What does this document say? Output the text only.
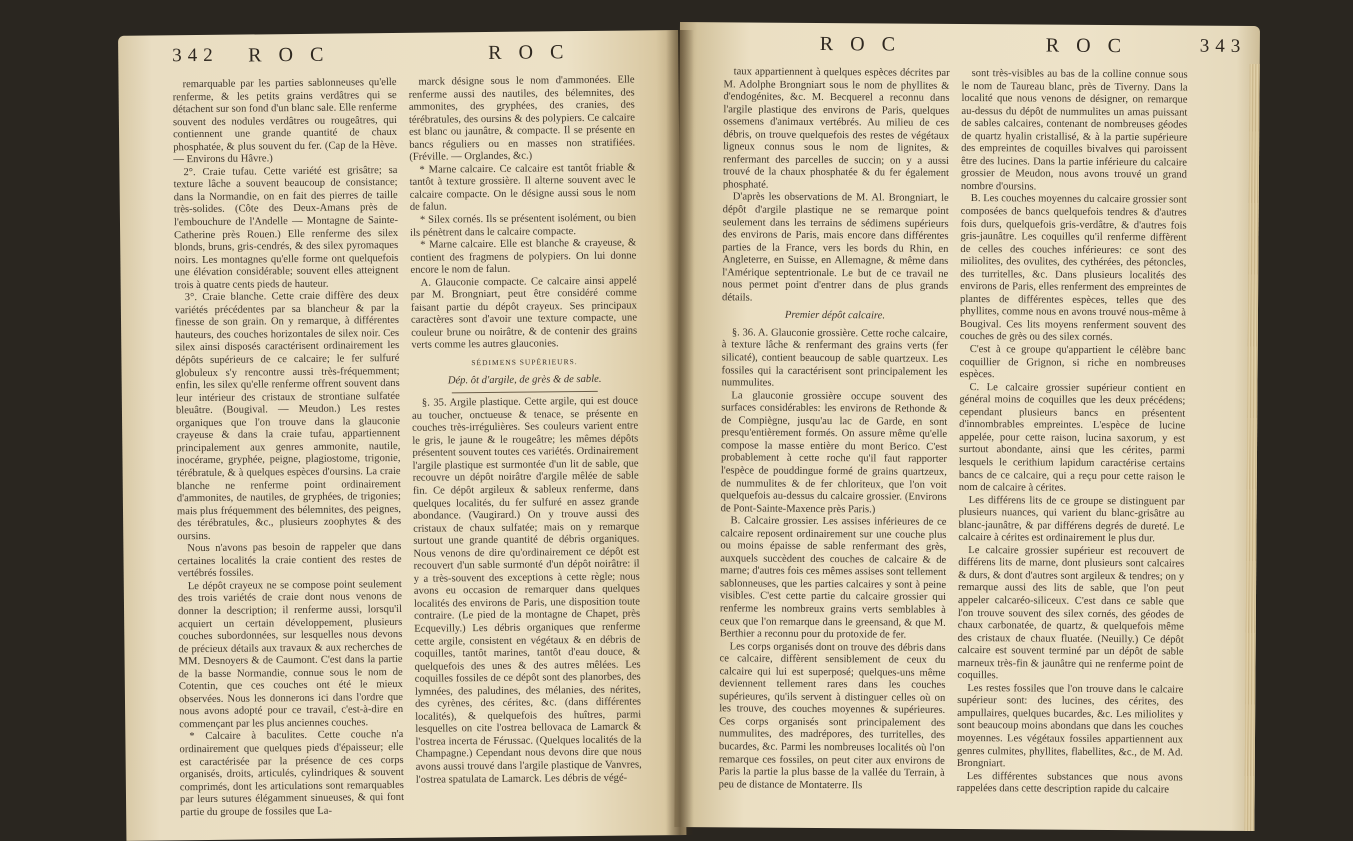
342 R O C	R O C

remarquable par les parties sablonneuses qu'elle renferme, & les petits grains verdâtres qui se détachent sur son fond d'un blanc sale. Elle renferme souvent des nodules verdâtres ou rougeâtres, qui contiennent une grande quantité de chaux phosphatée, & plus souvent du fer. (Cap de la Hève. — Environs du Hâvre.)

2°. Craie tufau. Cette variété est grisâtre; sa texture lâche a souvent beaucoup de consistance; dans la Normandie, on en fait des pierres de taille très-solides. (Côte des Deux-Amans près de l'embouchure de l'Andelle — Montagne de Sainte-Catherine près Rouen.) Elle renferme des silex blonds, bruns, gris-cendrés, & des silex pyromaques noirs. Les montagnes qu'elle forme ont quelquefois une élévation considérable; souvent elles atteignent trois à quatre cents pieds de hauteur.

3°. Craie blanche. Cette craie diffère des deux variétés précédentes par sa blancheur & par la finesse de son grain. On y remarque, à différentes hauteurs, des couches horizontales de silex noir. Ces silex ainsi disposés caractérisent ordinairement les dépôts supérieurs de ce calcaire; le fer sulfuré globuleux s'y rencontre aussi très-fréquemment; enfin, les silex qu'elle renferme offrent souvent dans leur intérieur des cristaux de strontiane sulfatée bleuâtre. (Bougival. — Meudon.) Les restes organiques que l'on trouve dans la glauconie crayeuse & dans la craie tufau, appartiennent principalement aux genres ammonite, nautile, inocérame, gryphée, peigne, plagiostome, trigonie, térébratule, & à quelques espèces d'oursins. La craie blanche ne renferme point ordinairement d'ammonites, de nautiles, de gryphées, de trigonies; mais plus fréquemment des bélemnites, des peignes, des térébratules, &c., plusieurs zoophytes & des oursins.

Nous n'avons pas besoin de rappeler que dans certaines localités la craie contient des restes de vertébrés fossiles.

Le dépôt crayeux ne se compose point seulement des trois variétés de craie dont nous venons de donner la description; il renferme aussi, lorsqu'il acquiert un certain développement, plusieurs couches subordonnées, sur lesquelles nous devons de précieux détails aux travaux & aux recherches de MM. Desnoyers & de Caumont. C'est dans la partie de la basse Normandie, connue sous le nom de Cotentin, que ces couches ont été le mieux observées. Nous les donnerons ici dans l'ordre que nous avons adopté pour ce travail, c'est-à-dire en commençant par les plus anciennes couches.

* Calcaire à baculites. Cette couche n'a ordinairement que quelques pieds d'épaisseur; elle est caractérisée par la présence de ces corps organisés, droits, articulés, cylindriques & souvent comprimés, dont les articulations sont remarquables par leurs sutures élégamment sinueuses, & qui font partie du groupe de fossiles que La-

marck désigne sous le nom d'ammonées. Elle renferme aussi des nautiles, des bélemnites, des ammonites, des gryphées, des cranies, des térébratules, des oursins & des polypiers. Ce calcaire est blanc ou jaunâtre, & compacte. Il se présente en bancs réguliers ou en masses non stratifiées. (Fréville. — Orglandes, &c.)

* Marne calcaire. Ce calcaire est tantôt friable & tantôt à texture grossière. Il alterne souvent avec le calcaire compacte. On le désigne aussi sous le nom de falun.

* Silex cornés. Ils se présentent isolément, ou bien ils pénètrent dans le calcaire compacte.

* Marne calcaire. Elle est blanche & crayeuse, & contient des fragmens de polypiers. On lui donne encore le nom de falun.

A. Glauconie compacte. Ce calcaire ainsi appelé par M. Brongniart, peut être considéré comme faisant partie du dépôt crayeux. Ses principaux caractères sont d'avoir une texture compacte, une couleur brune ou noirâtre, & de contenir des grains verts comme les autres glauconies.

SÉDIMENS SUPÉRIEURS.
Dép. ôt d'argile, de grès & de sable.

§. 35. Argile plastique. Cette argile, qui est douce au toucher, onctueuse & tenace, se présente en couches très-irrégulières. Ses couleurs varient entre le gris, le jaune & le rougeâtre; les mêmes dépôts présentent souvent toutes ces variétés. Ordinairement l'argile plastique est surmontée d'un lit de sable, que recouvre un dépôt noirâtre d'argile mêlée de sable fin. Ce dépôt argileux & sableux renferme, dans quelques localités, du fer sulfuré en assez grande abondance. (Vaugirard.) On y trouve aussi des cristaux de chaux sulfatée; mais on y remarque surtout une grande quantité de débris organiques. Nous venons de dire qu'ordinairement ce dépôt est recouvert d'un sable surmonté d'un dépôt noirâtre: il y a très-souvent des exceptions à cette règle; nous avons eu occasion de remarquer dans quelques localités des environs de Paris, une disposition toute contraire. (Le pied de la montagne de Chapet, près Ecquevilly.) Les débris organiques que renferme cette argile, consistent en végétaux & en débris de coquilles, tantôt marines, tantôt d'eau douce, & quelquefois des unes & des autres mêlées. Les coquilles fossiles de ce dépôt sont des planorbes, des lymnées, des paludines, des mélanies, des nérites, des cyrènes, des cérites, &c. (dans différentes localités), & quelquefois des huîtres, parmi lesquelles on cite l'ostrea bellovaca de Lamarck & l'ostrea incerta de Férussac. (Quelques localités de la Champagne.) Cependant nous devons dire que nous avons aussi trouvé dans l'argile plastique de Vanvres, l'ostrea spatulata de Lamarck. Les débris de végé-

R O C	R O C	343

taux appartiennent à quelques espèces décrites par M. Adolphe Brongniart sous le nom de phyllites & d'endogénites, &c. M. Becquerel a reconnu dans l'argile plastique des environs de Paris, quelques ossemens d'animaux vertébrés. Au milieu de ces débris, on trouve quelquefois des restes de végétaux ligneux connus sous le nom de lignites, & renfermant des parcelles de succin; on y a aussi trouvé de la chaux phosphatée & du fer également phosphaté.

D'après les observations de M. Al. Brongniart, le dépôt d'argile plastique ne se remarque point seulement dans les terrains de sédimens supérieurs des environs de Paris, mais encore dans différentes parties de la France, vers les bords du Rhin, en Angleterre, en Suisse, en Allemagne, & même dans l'Amérique septentrionale. Le but de ce travail ne nous permet point d'entrer dans de plus grands détails.

Premier dépôt calcaire.

§. 36. A. Glauconie grossière. Cette roche calcaire, à texture lâche & renfermant des grains verts (fer silicaté), contient beaucoup de sable quartzeux. Les fossiles qui la caractérisent sont principalement les nummulites.

La glauconie grossière occupe souvent des surfaces considérables: les environs de Rethonde & de Compiègne, jusqu'au lac de Garde, en sont presqu'entièrement formés. On assure même qu'elle compose la masse entière du mont Berico. C'est probablement à cette roche qu'il faut rapporter l'espèce de pouddingue formé de grains quartzeux, de nummulites & de fer chloriteux, que l'on voit quelquefois au-dessus du calcaire grossier. (Environs de Pont-Sainte-Maxence près Paris.)

B. Calcaire grossier. Les assises inférieures de ce calcaire reposent ordinairement sur une couche plus ou moins épaisse de sable renfermant des grès, auxquels succèdent des couches de calcaire & de marne; d'autres fois ces mêmes assises sont tellement sablonneuses, que les parties calcaires y sont à peine visibles. C'est cette partie du calcaire grossier qui renferme les nombreux grains verts semblables à ceux que l'on remarque dans le greensand, & que M. Berthier a reconnu pour du protoxide de fer.

Les corps organisés dont on trouve des débris dans ce calcaire, diffèrent sensiblement de ceux du calcaire qui lui est superposé; quelques-uns même deviennent tellement rares dans les couches supérieures, qu'ils servent à distinguer celles où on les trouve, des couches moyennes & supérieures. Ces corps organisés sont principalement des nummulites, des madrépores, des turritelles, des bucardes, &c. Parmi les nombreuses localités où l'on remarque ces fossiles, on peut citer aux environs de Paris la partie la plus basse de la vallée du Terrain, à peu de distance de Montaterre. Ils

sont très-visibles au bas de la colline connue sous le nom de Taureau blanc, près de Tiverny. Dans la localité que nous venons de désigner, on remarque au-dessus du dépôt de nummulites un amas puissant de sables calcaires, contenant de nombreuses géodes de quartz hyalin cristallisé, & à la partie supérieure des empreintes de coquilles bivalves qui paroissent être des lucines. Dans la partie inférieure du calcaire grossier de Meudon, nous avons trouvé un grand nombre d'oursins.

B. Les couches moyennes du calcaire grossier sont composées de bancs quelquefois tendres & d'autres fois durs, quelquefois gris-verdâtre, & d'autres fois gris-jaunâtre. Les coquilles qu'il renferme diffèrent de celles des couches inférieures: ce sont des miliolites, des ovulites, des cythérées, des pétoncles, des turritelles, &c. Dans plusieurs localités des environs de Paris, elles renferment des empreintes de plantes de différentes espèces, telles que des phyllites, comme nous en avons trouvé nous-même à Bougival. Ces lits moyens renferment souvent des couches de grès ou des silex cornés.

C'est à ce groupe qu'appartient le célèbre banc coquillier de Grignon, si riche en nombreuses espèces.

C. Le calcaire grossier supérieur contient en général moins de coquilles que les deux précédens; cependant plusieurs bancs en présentent d'innombrables empreintes. L'espèce de lucine appelée, pour cette raison, lucina saxorum, y est surtout abondante, ainsi que les cérites, parmi lesquels le cerithium lapidum caractérise certains bancs de ce calcaire, qui a reçu pour cette raison le nom de calcaire à cérites.

Les différens lits de ce groupe se distinguent par plusieurs nuances, qui varient du blanc-grisâtre au blanc-jaunâtre, & par différens degrés de dureté. Le calcaire à cérites est ordinairement le plus dur.

Le calcaire grossier supérieur est recouvert de différens lits de marne, dont plusieurs sont calcaires & durs, & dont d'autres sont argileux & tendres; on y remarque aussi des lits de sable, que l'on peut appeler calcaréo-siliceux. C'est dans ce sable que l'on trouve souvent des silex cornés, des géodes de chaux carbonatée, de quartz, & quelquefois même des cristaux de chaux fluatée. (Neuilly.) Ce dépôt calcaire est souvent terminé par un dépôt de sable marneux très-fin & jaunâtre qui ne renferme point de coquilles.

Les restes fossiles que l'on trouve dans le calcaire supérieur sont: des lucines, des cérites, des ampullaires, quelques bucardes, &c. Les miliolites y sont beaucoup moins abondans que dans les couches moyennes. Les végétaux fossiles appartiennent aux genres culmites, phyllites, flabellites, &c., de M. Ad. Brongniart.

Les différentes substances que nous avons rappelées dans cette description rapide du calcaire
